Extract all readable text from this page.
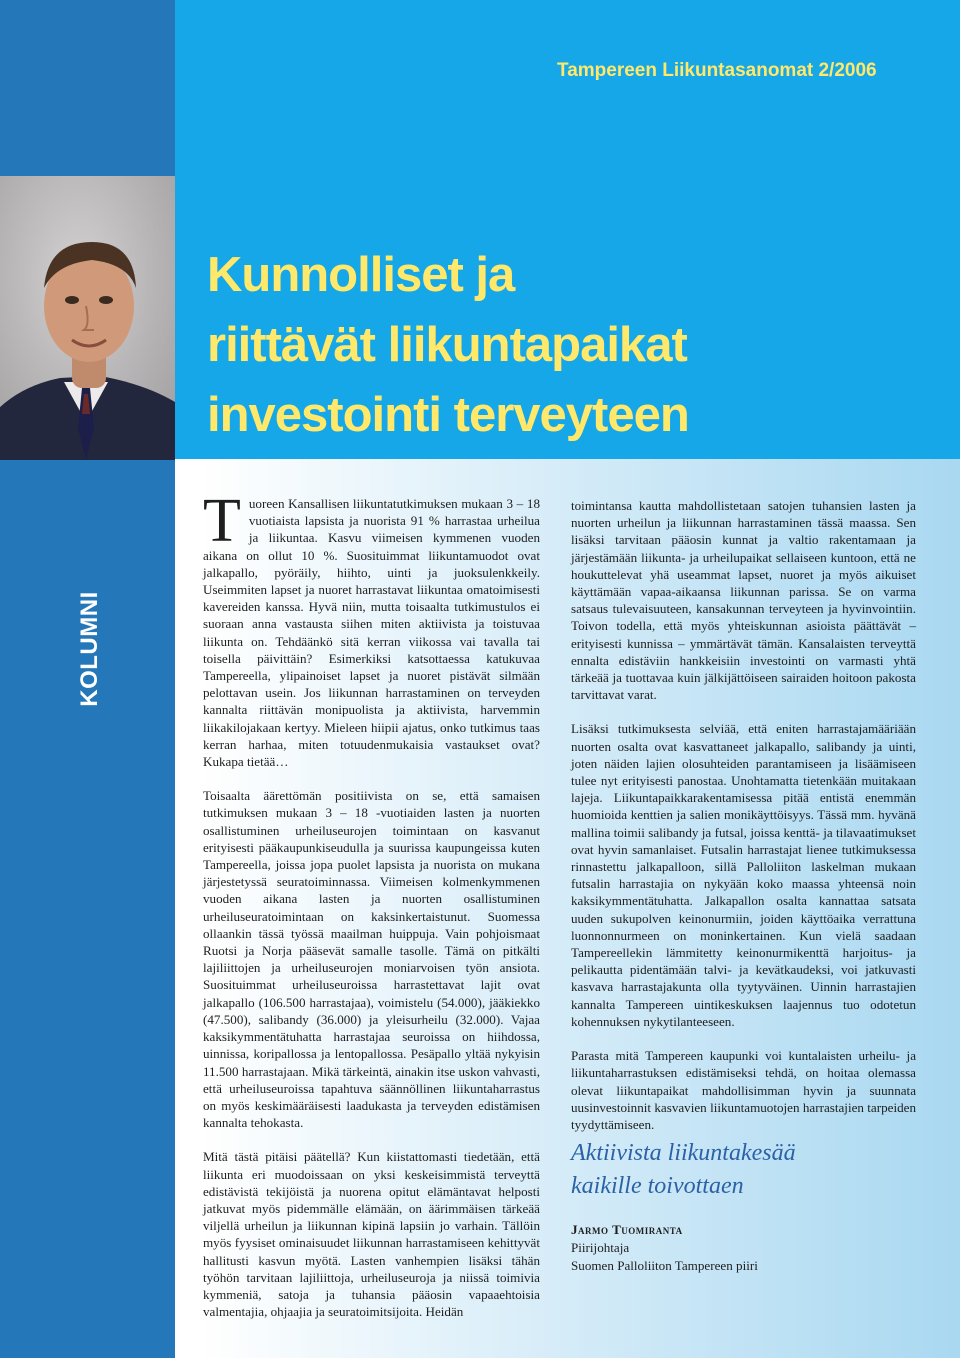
KOLUMNI
Tampereen Liikuntasanomat 2/2006
Kunnolliset ja
riittävät liikuntapaikat
investointi terveyteen

Tuoreen Kansallisen liikuntatutkimuksen mukaan 3 – 18 vuotiaista lapsista ja nuorista 91 % harrastaa urheilua ja liikuntaa. Kasvu viimeisen kymmenen vuoden aikana on ollut 10 %. Suosituimmat liikuntamuodot ovat jalkapallo, pyöräily, hiihto, uinti ja juoksulenkkeily. Useimmiten lapset ja nuoret harrastavat liikuntaa omatoimisesti kavereiden kanssa. Hyvä niin, mutta toisaalta tutkimustulos ei suoraan anna vastausta siihen miten aktiivista ja toistuvaa liikunta on. Tehdäänkö sitä kerran viikossa vai tavalla tai toisella päivittäin? Esimerkiksi katsottaessa katukuvaa Tampereella, ylipainoiset lapset ja nuoret pistävät silmään pelottavan usein. Jos liikunnan harrastaminen on terveyden kannalta riittävän monipuolista ja aktiivista, harvemmin liikakilojakaan kertyy. Mieleen hiipii ajatus, onko tutkimus taas kerran harhaa, miten totuudenmukaisia vastaukset ovat? Kukapa tietää…

Toisaalta äärettömän positiivista on se, että samaisen tutkimuksen mukaan 3 – 18 -vuotiaiden lasten ja nuorten osallistuminen urheiluseurojen toimintaan on kasvanut erityisesti pääkaupunkiseudulla ja suurissa kaupungeissa kuten Tampereella, joissa jopa puolet lapsista ja nuorista on mukana järjestetyssä seuratoiminnassa. Viimeisen kolmenkymmenen vuoden aikana lasten ja nuorten osallistuminen urheiluseuratoimintaan on kaksinkertaistunut. Suomessa ollaankin tässä työssä maailman huippuja. Vain pohjoismaat Ruotsi ja Norja pääsevät samalle tasolle. Tämä on pitkälti lajiliittojen ja urheiluseurojen moniarvoisen työn ansiota. Suosituimmat urheiluseuroissa harrastettavat lajit ovat jalkapallo (106.500 harrastajaa), voimistelu (54.000), jääkiekko (47.500), salibandy (36.000) ja yleisurheilu (32.000). Vajaa kaksikymmentätuhatta harrastajaa seuroissa on hiihdossa, uinnissa, koripallossa ja lentopallossa. Pesäpallo yltää nykyisin 11.500 harrastajaan. Mikä tärkeintä, ainakin itse uskon vahvasti, että urheiluseuroissa tapahtuva säännöllinen liikuntaharrastus on myös keskimääräisesti laadukasta ja terveyden edistämisen kannalta tehokasta.

Mitä tästä pitäisi päätellä? Kun kiistattomasti tiedetään, että liikunta eri muodoissaan on yksi keskeisimmistä terveyttä edistävistä tekijöistä ja nuorena opitut elämäntavat helposti jatkuvat myös pidemmälle elämään, on äärimmäisen tärkeää viljellä urheilun ja liikunnan kipinä lapsiin jo varhain. Tällöin myös fyysiset ominaisuudet liikunnan harrastamiseen kehittyvät hallitusti kasvun myötä. Lasten vanhempien lisäksi tähän työhön tarvitaan lajiliittoja, urheiluseuroja ja niissä toimivia kymmeniä, satoja ja tuhansia pääosin vapaaehtoisia valmentajia, ohjaajia ja seuratoimitsijoita. Heidän

toimintansa kautta mahdollistetaan satojen tuhansien lasten ja nuorten urheilun ja liikunnan harrastaminen tässä maassa. Sen lisäksi tarvitaan pääosin kunnat ja valtio rakentamaan ja järjestämään liikunta- ja urheilupaikat sellaiseen kuntoon, että ne houkuttelevat yhä useammat lapset, nuoret ja myös aikuiset käyttämään vapaa-aikaansa liikunnan parissa. Se on varma satsaus tulevaisuuteen, kansakunnan terveyteen ja hyvinvointiin. Toivon todella, että myös yhteiskunnan asioista päättävät – erityisesti kunnissa – ymmärtävät tämän. Kansalaisten terveyttä ennalta edistäviin hankkeisiin investointi on varmasti yhtä tärkeää ja tuottavaa kuin jälkijättöiseen sairaiden hoitoon pakosta tarvittavat varat.

Lisäksi tutkimuksesta selviää, että eniten harrastajamääriään nuorten osalta ovat kasvattaneet jalkapallo, salibandy ja uinti, joten näiden lajien olosuhteiden parantamiseen ja lisäämiseen tulee nyt erityisesti panostaa. Unohtamatta tietenkään muitakaan lajeja. Liikuntapaikkarakentamisessa pitää entistä enemmän huomioida kenttien ja salien monikäyttöisyys. Tässä mm. hyvänä mallina toimii salibandy ja futsal, joissa kenttä- ja tilavaatimukset ovat hyvin samanlaiset. Futsalin harrastajat lienee tutkimuksessa rinnastettu jalkapalloon, sillä Palloliiton laskelman mukaan futsalin harrastajia on nykyään koko maassa yhteensä noin kaksikymmentätuhatta. Jalkapallon osalta kannattaa satsata uuden sukupolven keinonurmiin, joiden käyttöaika verrattuna luonnonnurmeen on moninkertainen. Kun vielä saadaan Tampereellekin lämmitetty keinonurmikenttä harjoitus- ja pelikautta pidentämään talvi- ja kevätkaudeksi, voi jatkuvasti kasvava harrastajakunta olla tyytyväinen. Uinnin harrastajien kannalta Tampereen uintikeskuksen laajennus tuo odotetun kohennuksen nykytilanteeseen.

Parasta mitä Tampereen kaupunki voi kuntalaisten urheilu- ja liikuntaharrastuksen edistämiseksi tehdä, on hoitaa olemassa olevat liikuntapaikat mahdollisimman hyvin ja suunnata uusinvestoinnit kasvavien liikuntamuotojen harrastajien tarpeiden tyydyttämiseen.

Aktiivista liikuntakesää
kaikille toivottaen
Jarmo Tuomiranta
Piirijohtaja
Suomen Palloliiton Tampereen piiri
